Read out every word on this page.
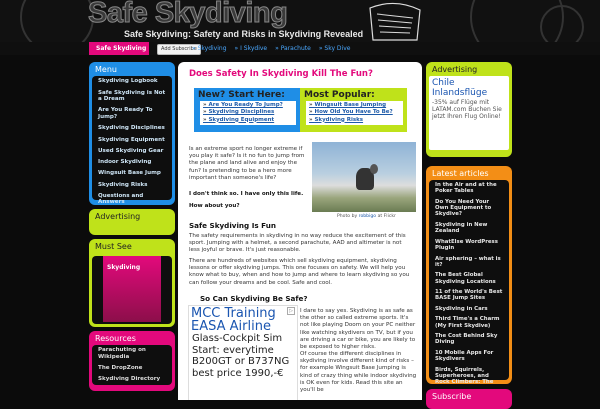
Safe Skydiving
Safe Skydiving: Safety and Risks in Skydiving Revealed
Safe Skydiving	Add Subscribe » Skydiving	» I Skydive	» Parachute	» Sky Dive
Menu
Skydiving Logbook
Safe Skydiving is Not a Dream
Are You Ready To Jump?
Skydiving Disciplines
Skydiving Equipment
Used Skydiving Gear
Indoor Skydiving
Wingsuit Base Jump
Skydiving Risks
Questions and Answers
Advertising
Must See
Skydiving
Resources
Parachuting on Wikipedia
The DropZone
Skydiving Directory
Does Safety In Skydiving Kill The Fun?
New? Start Here:
» Are You Ready To Jump?
» Skydiving Disciplines
» Skydiving Equipment
Most Popular:
» Wingsuit Base Jumping
» How Old You Have To Be?
» Skydiving Risks

Is an extreme sport no longer extreme if you play it safe? Is it no fun to jump from the plane and land alive and enjoy the fun? Is pretending to be a hero more important than someone's life?

I don't think so. I have only this life.

How about you?

Photo by robbigo at Flickr
Safe Skydiving Is Fun

The safety requirements in skydiving in no way reduce the excitement of this sport. Jumping with a helmet, a second parachute, AAD and altimeter is not less joyful or brave. It's just reasonable.

There are hundreds of websites which sell skydiving equipment, skydiving lessons or offer skydiving jumps. This one focuses on safety. We will help you know what to buy, when and how to jump and where to learn skydiving so you can follow your dreams and be cool. Safe and cool.

So Can Skydiving Be Safe?
▷
MCC Training EASA Airline
Glass-Cockpit Sim Start: everytime B200GT or B737NG best price 1990,-€

I dare to say yes. Skydiving is as safe as the other so called extreme sports. It's not like playing Doom on your PC neither like watching skydivers on TV, but if you are driving a car or bike, you are likely to be exposed to higher risks.

Of course the different disciplines in skydiving involve different kind of risks – for example Wingsuit Base Jumping is kind of crazy thing while indoor skydiving is OK even for kids. Read this site an you'll be

Advertising
Chile Inlandsflüge
-35% auf Flüge mit LATAM.com Buchen Sie jetzt Ihren Flug Online!
Latest articles
In the Air and at the Poker Tables
Do You Need Your Own Equipment to Skydive?
Skydiving in New Zealand
WhatElse WordPress Plugin
Air sphering – what is it?
The Best Global Skydiving Locations
11 of the World's Best BASE Jump Sites
Skydiving in Cars
Third Time's a Charm (My First Skydive)
The Cost Behind Sky Diving
10 Mobile Apps For Skydivers
Birds, Squirrels, Superheroes, and Rock Climbers: The
Subscribe
